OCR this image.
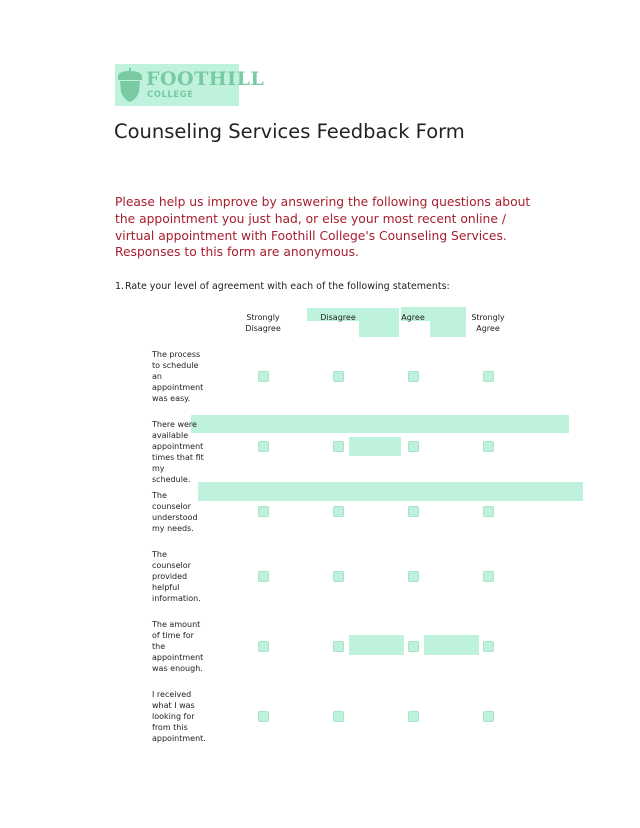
FOOTHILL
COLLEGE
Counseling Services Feedback Form

Please help us improve by answering the following questions about the appointment you just had, or else your most recent online / virtual appointment with Foothill College's Counseling Services. Responses to this form are anonymous.

1. Rate your level of agreement with each of the following statements:
Strongly
Disagree
Disagree	Agree	Strongly
Agree
The process to schedule an appointment was easy.
There were available appointment times that fit my schedule.
The counselor understood my needs.
The counselor provided helpful information.
The amount of time for the appointment was enough.
I received what I was looking for from this appointment.
